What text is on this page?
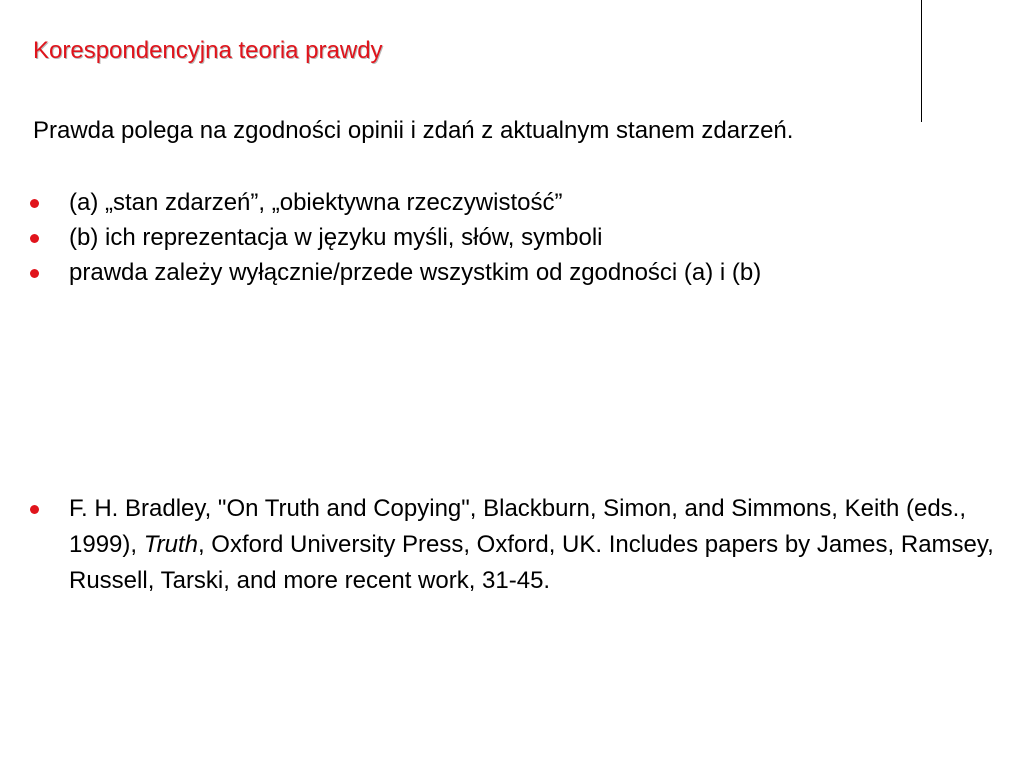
Korespondencyjna teoria prawdy
Prawda polega na zgodności opinii i zdań z aktualnym stanem zdarzeń.
(a) „stan zdarzeń”, „obiektywna rzeczywistość”
(b) ich reprezentacja w języku myśli, słów, symboli
prawda zależy wyłącznie/przede wszystkim od zgodności (a) i (b)
F. H. Bradley, "On Truth and Copying", Blackburn, Simon, and Simmons, Keith (eds., 1999), Truth, Oxford University Press, Oxford, UK. Includes papers by James, Ramsey, Russell, Tarski, and more recent work, 31-45.
